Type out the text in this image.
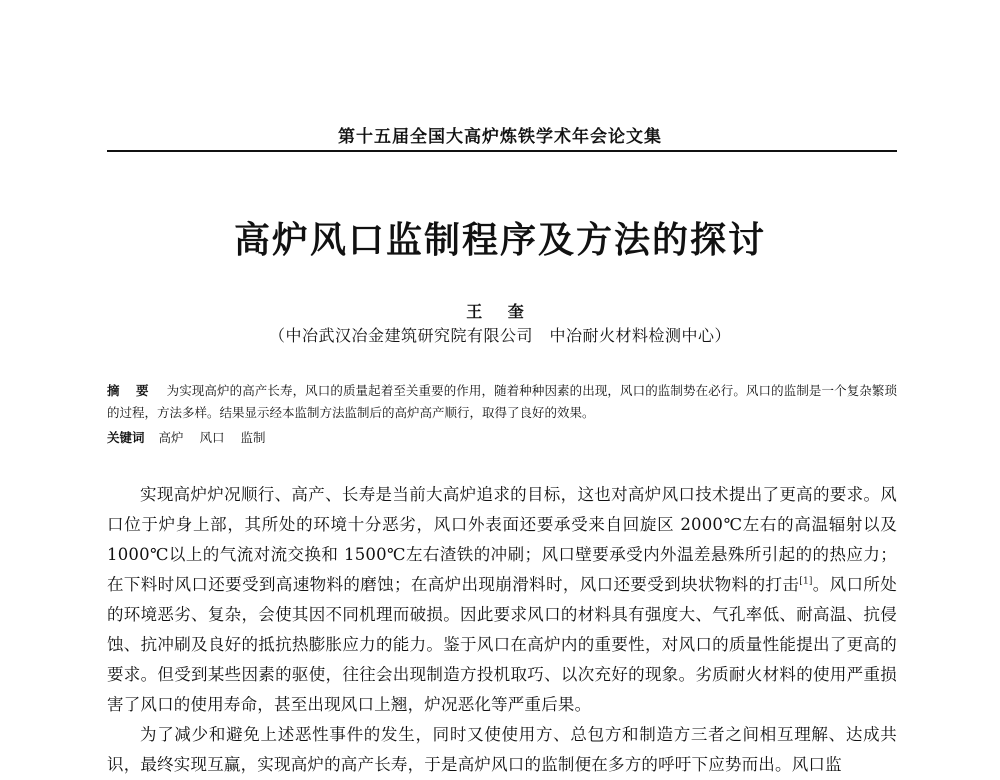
第十五届全国大高炉炼铁学术年会论文集
高炉风口监制程序及方法的探讨
王 奎
（中冶武汉冶金建筑研究院有限公司　中冶耐火材料检测中心）
摘 要 为实现高炉的高产长寿，风口的质量起着至关重要的作用，随着种种因素的出现，风口的监制势在必行。风口的监制是一个复杂繁琐的过程，方法多样。结果显示经本监制方法监制后的高炉高产顺行，取得了良好的效果。
关键词 高炉 风口 监制

实现高炉炉况顺行、高产、长寿是当前大高炉追求的目标，这也对高炉风口技术提出了更高的要求。风口位于炉身上部，其所处的环境十分恶劣，风口外表面还要承受来自回旋区 2000℃左右的高温辐射以及 1000℃以上的气流对流交换和 1500℃左右渣铁的冲刷；风口壁要承受内外温差悬殊所引起的的热应力；在下料时风口还要受到高速物料的磨蚀；在高炉出现崩滑料时，风口还要受到块状物料的打击[1]。风口所处的环境恶劣、复杂，会使其因不同机理而破损。因此要求风口的材料具有强度大、气孔率低、耐高温、抗侵蚀、抗冲刷及良好的抵抗热膨胀应力的能力。鉴于风口在高炉内的重要性，对风口的质量性能提出了更高的要求。但受到某些因素的驱使，往往会出现制造方投机取巧、以次充好的现象。劣质耐火材料的使用严重损害了风口的使用寿命，甚至出现风口上翘，炉况恶化等严重后果。

为了减少和避免上述恶性事件的发生，同时又使使用方、总包方和制造方三者之间相互理解、达成共识，最终实现互赢，实现高炉的高产长寿，于是高炉风口的监制便在多方的呼吁下应势而出。风口监
